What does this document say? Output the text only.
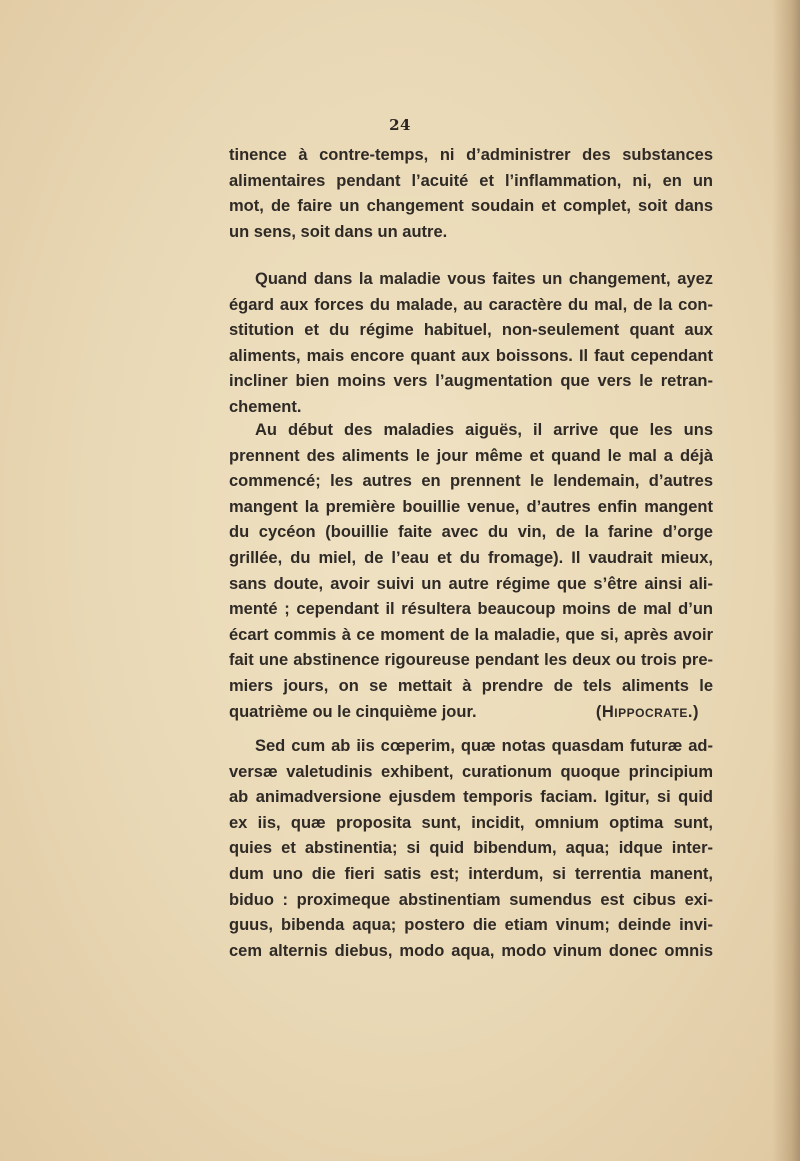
24
tinence à contre-temps, ni d’administrer des substances
alimentaires pendant l’acuité et l’inflammation, ni, en un
mot, de faire un changement soudain et complet, soit dans
un sens, soit dans un autre.
Quand dans la maladie vous faites un changement, ayez
égard aux forces du malade, au caractère du mal, de la con-
stitution et du régime habituel, non-seulement quant aux
aliments, mais encore quant aux boissons. Il faut cependant
incliner bien moins vers l’augmentation que vers le retran-
chement.
Au début des maladies aiguës, il arrive que les uns
prennent des aliments le jour même et quand le mal a déjà
commencé; les autres en prennent le lendemain, d’autres
mangent la première bouillie venue, d’autres enfin mangent
du cycéon (bouillie faite avec du vin, de la farine d’orge
grillée, du miel, de l’eau et du fromage). Il vaudrait mieux,
sans doute, avoir suivi un autre régime que s’être ainsi ali-
menté ; cependant il résultera beaucoup moins de mal d’un
écart commis à ce moment de la maladie, que si, après avoir
fait une abstinence rigoureuse pendant les deux ou trois pre-
miers jours, on se mettait à prendre de tels aliments le
quatrième ou le cinquième jour.	(Hippocrate.)
Sed cum ab iis cœperim, quæ notas quasdam futuræ ad-
versæ valetudinis exhibent, curationum quoque principium
ab animadversione ejusdem temporis faciam. Igitur, si quid
ex iis, quæ proposita sunt, incidit, omnium optima sunt,
quies et abstinentia; si quid bibendum, aqua; idque inter-
dum uno die fieri satis est; interdum, si terrentia manent,
biduo : proximeque abstinentiam sumendus est cibus exi-
guus, bibenda aqua; postero die etiam vinum; deinde invi-
cem alternis diebus, modo aqua, modo vinum donec omnis
